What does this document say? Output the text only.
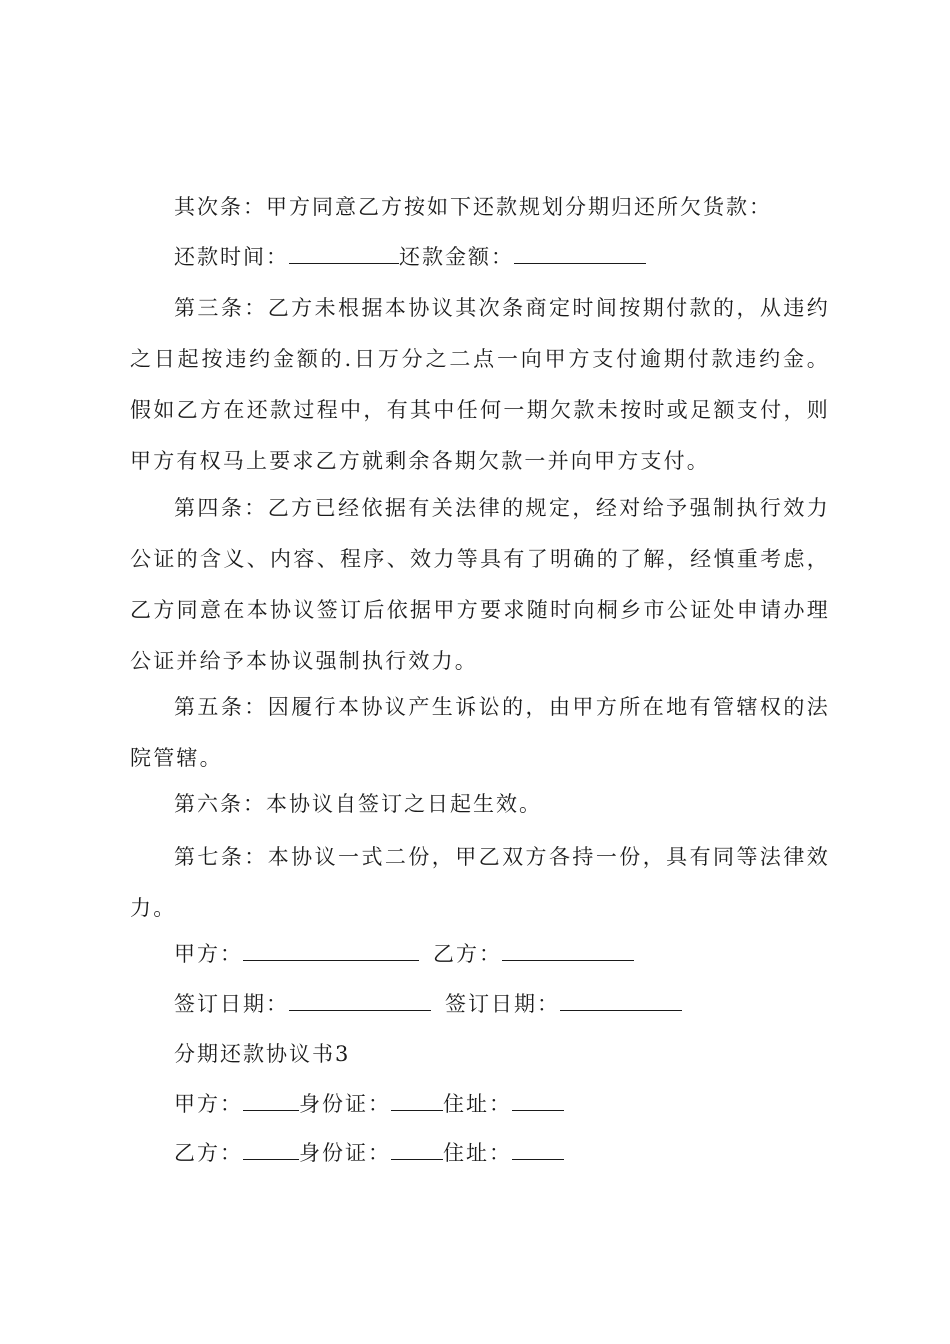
其次条：甲方同意乙方按如下还款规划分期归还所欠货款：
还款时间：	还款金额：
第三条：乙方未根据本协议其次条商定时间按期付款的，从违约之日起按违约金额的.日万分之二点一向甲方支付逾期付款违约金。假如乙方在还款过程中，有其中任何一期欠款未按时或足额支付，则甲方有权马上要求乙方就剩余各期欠款一并向甲方支付。
第四条：乙方已经依据有关法律的规定，经对给予强制执行效力公证的含义、内容、程序、效力等具有了明确的了解，经慎重考虑，乙方同意在本协议签订后依据甲方要求随时向桐乡市公证处申请办理公证并给予本协议强制执行效力。
第五条：因履行本协议产生诉讼的，由甲方所在地有管辖权的法院管辖。
第六条：本协议自签订之日起生效。
第七条：本协议一式二份，甲乙双方各持一份，具有同等法律效力。
甲方：	乙方：
签订日期：	签订日期：
分期还款协议书3
甲方：	身份证： 住址：
乙方：	身份证： 住址：
